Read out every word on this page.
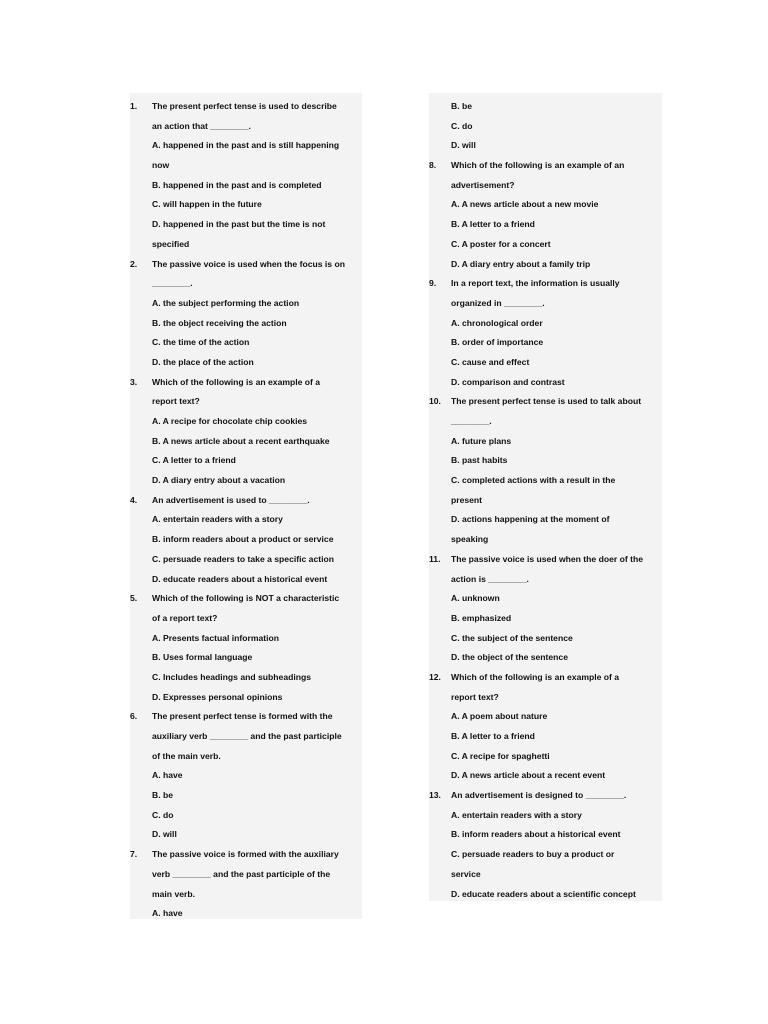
1. The present perfect tense is used to describe
an action that ________.
A. happened in the past and is still happening
now
B. happened in the past and is completed
C. will happen in the future
D. happened in the past but the time is not
specified
2. The passive voice is used when the focus is on
________.
A. the subject performing the action
B. the object receiving the action
C. the time of the action
D. the place of the action
3. Which of the following is an example of a
report text?
A. A recipe for chocolate chip cookies
B. A news article about a recent earthquake
C. A letter to a friend
D. A diary entry about a vacation
4. An advertisement is used to ________.
A. entertain readers with a story
B. inform readers about a product or service
C. persuade readers to take a specific action
D. educate readers about a historical event
5. Which of the following is NOT a characteristic
of a report text?
A. Presents factual information
B. Uses formal language
C. Includes headings and subheadings
D. Expresses personal opinions
6. The present perfect tense is formed with the
auxiliary verb ________ and the past participle
of the main verb.
A. have
B. be
C. do
D. will
7. The passive voice is formed with the auxiliary
verb ________ and the past participle of the
main verb.
A. have
B. be
C. do
D. will
8. Which of the following is an example of an
advertisement?
A. A news article about a new movie
B. A letter to a friend
C. A poster for a concert
D. A diary entry about a family trip
9. In a report text, the information is usually
organized in ________.
A. chronological order
B. order of importance
C. cause and effect
D. comparison and contrast
10. The present perfect tense is used to talk about
________.
A. future plans
B. past habits
C. completed actions with a result in the
present
D. actions happening at the moment of
speaking
11. The passive voice is used when the doer of the
action is ________.
A. unknown
B. emphasized
C. the subject of the sentence
D. the object of the sentence
12. Which of the following is an example of a
report text?
A. A poem about nature
B. A letter to a friend
C. A recipe for spaghetti
D. A news article about a recent event
13. An advertisement is designed to ________.
A. entertain readers with a story
B. inform readers about a historical event
C. persuade readers to buy a product or
service
D. educate readers about a scientific concept
